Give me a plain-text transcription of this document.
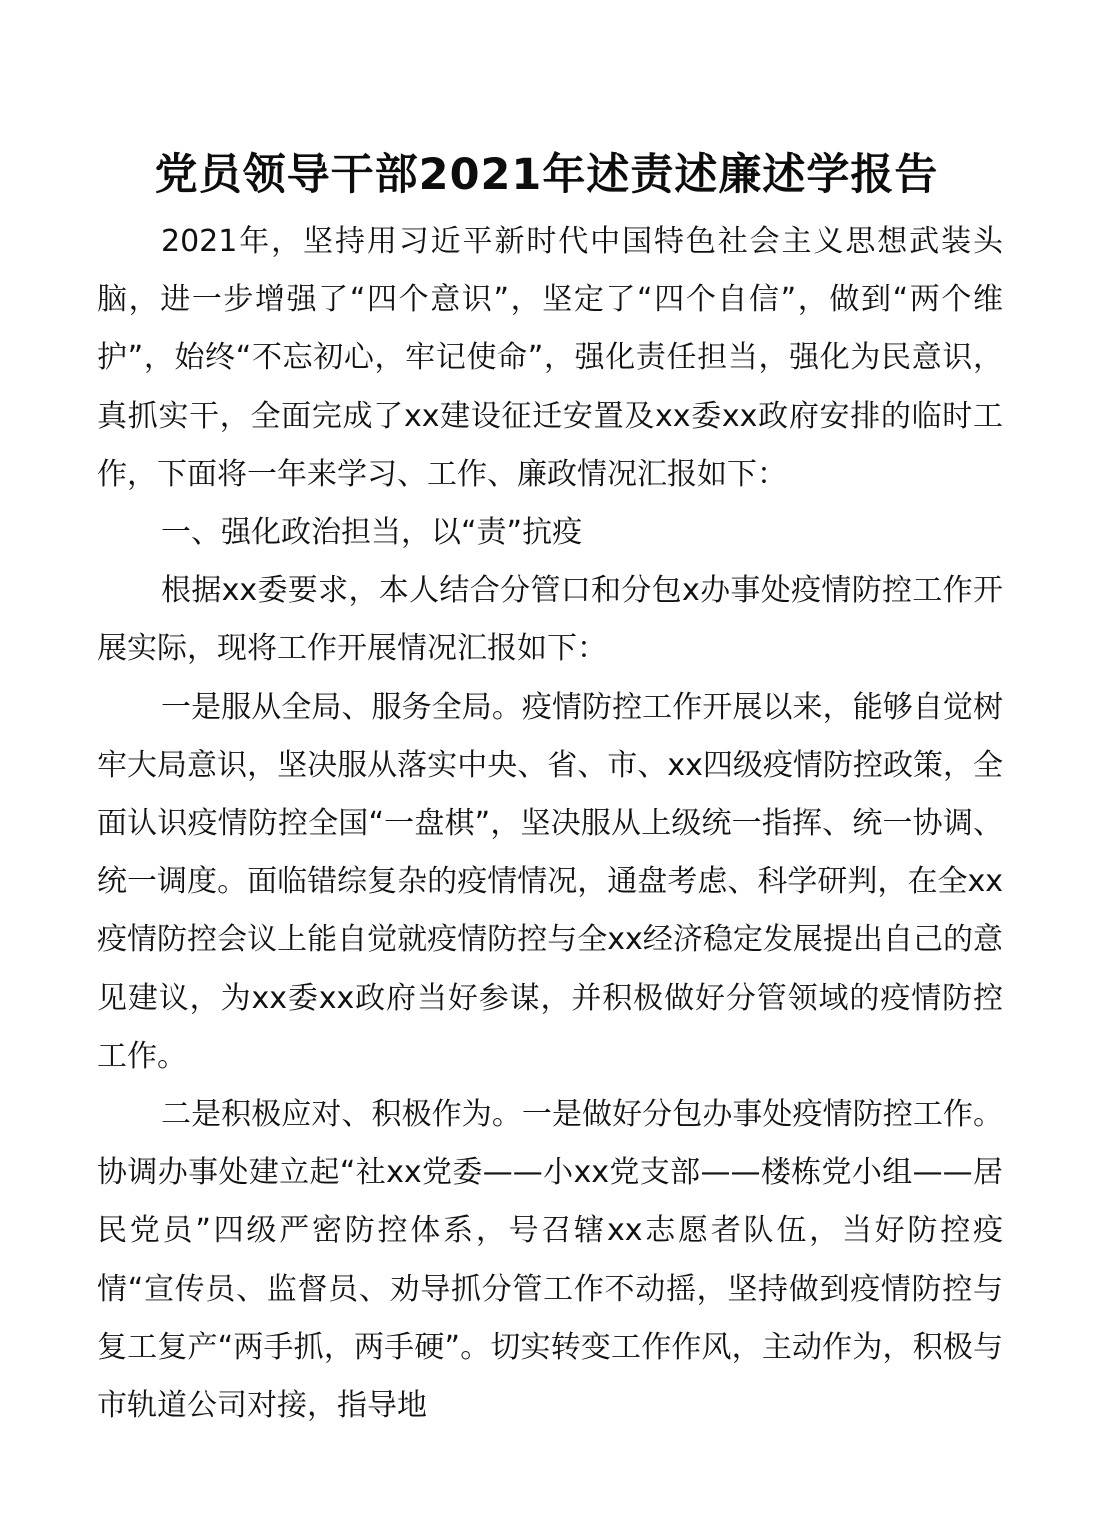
党员领导干部2021年述责述廉述学报告

2021年，坚持用习近平新时代中国特色社会主义思想武装头脑，进一步增强了“四个意识”，坚定了“四个自信”，做到“两个维护”，始终“不忘初心，牢记使命”，强化责任担当，强化为民意识，真抓实干，全面完成了xx建设征迁安置及xx委xx政府安排的临时工作，下面将一年来学习、工作、廉政情况汇报如下：

一、强化政治担当，以“责”抗疫

根据xx委要求，本人结合分管口和分包x办事处疫情防控工作开展实际，现将工作开展情况汇报如下：

一是服从全局、服务全局。疫情防控工作开展以来，能够自觉树牢大局意识，坚决服从落实中央、省、市、xx四级疫情防控政策，全面认识疫情防控全国“一盘棋”，坚决服从上级统一指挥、统一协调、统一调度。面临错综复杂的疫情情况，通盘考虑、科学研判，在全xx疫情防控会议上能自觉就疫情防控与全xx经济稳定发展提出自己的意见建议，为xx委xx政府当好参谋，并积极做好分管领域的疫情防控工作。

二是积极应对、积极作为。一是做好分包办事处疫情防控工作。协调办事处建立起“社xx党委——小xx党支部——楼栋党小组——居民党员”四级严密防控体系，号召辖xx志愿者队伍，当好防控疫情“宣传员、监督员、劝导抓分管工作不动摇，坚持做到疫情防控与复工复产“两手抓，两手硬”。切实转变工作作风，主动作为，积极与市轨道公司对接，指导地
